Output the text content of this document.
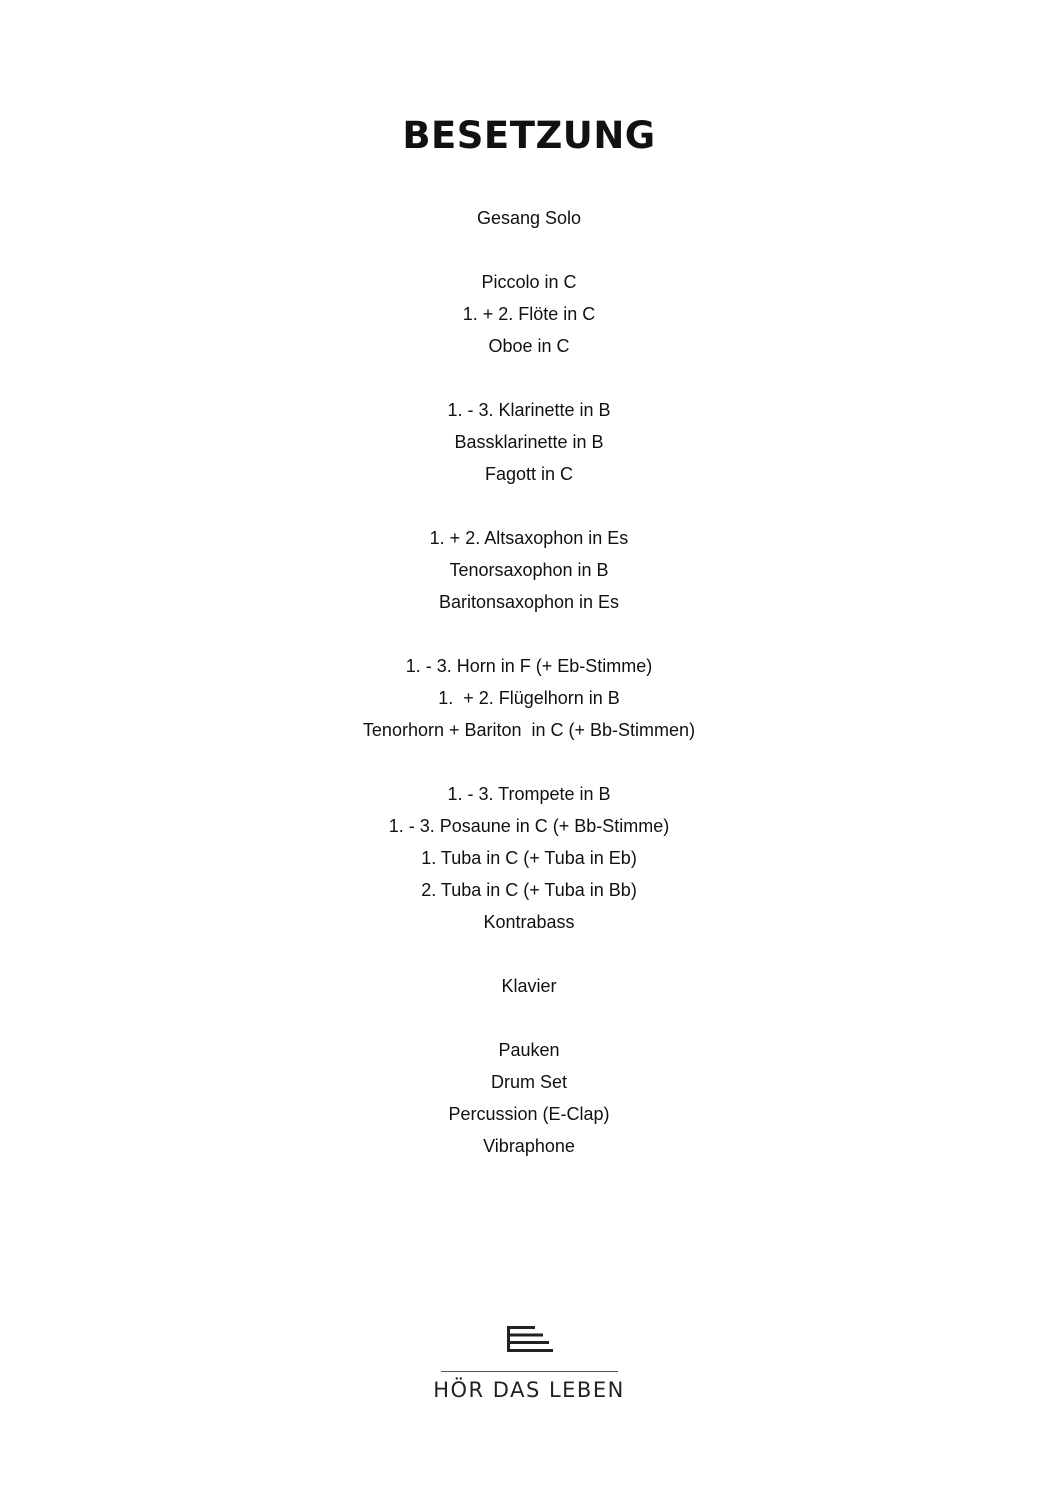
BESETZUNG
Gesang Solo
Piccolo in C
1. + 2. Flöte in C
Oboe in C
1. - 3. Klarinette in B
Bassklarinette in B
Fagott in C
1. + 2. Altsaxophon in Es
Tenorsaxophon in B
Baritonsaxophon in Es
1. - 3. Horn in F (+ Eb-Stimme)
1.  + 2. Flügelhorn in B
Tenorhorn + Bariton  in C (+ Bb-Stimmen)
1. - 3. Trompete in B
1. - 3. Posaune in C (+ Bb-Stimme)
1. Tuba in C (+ Tuba in Eb)
2. Tuba in C (+ Tuba in Bb)
Kontrabass
Klavier
Pauken
Drum Set
Percussion (E-Clap)
Vibraphone
HÖR DAS LEBEN
